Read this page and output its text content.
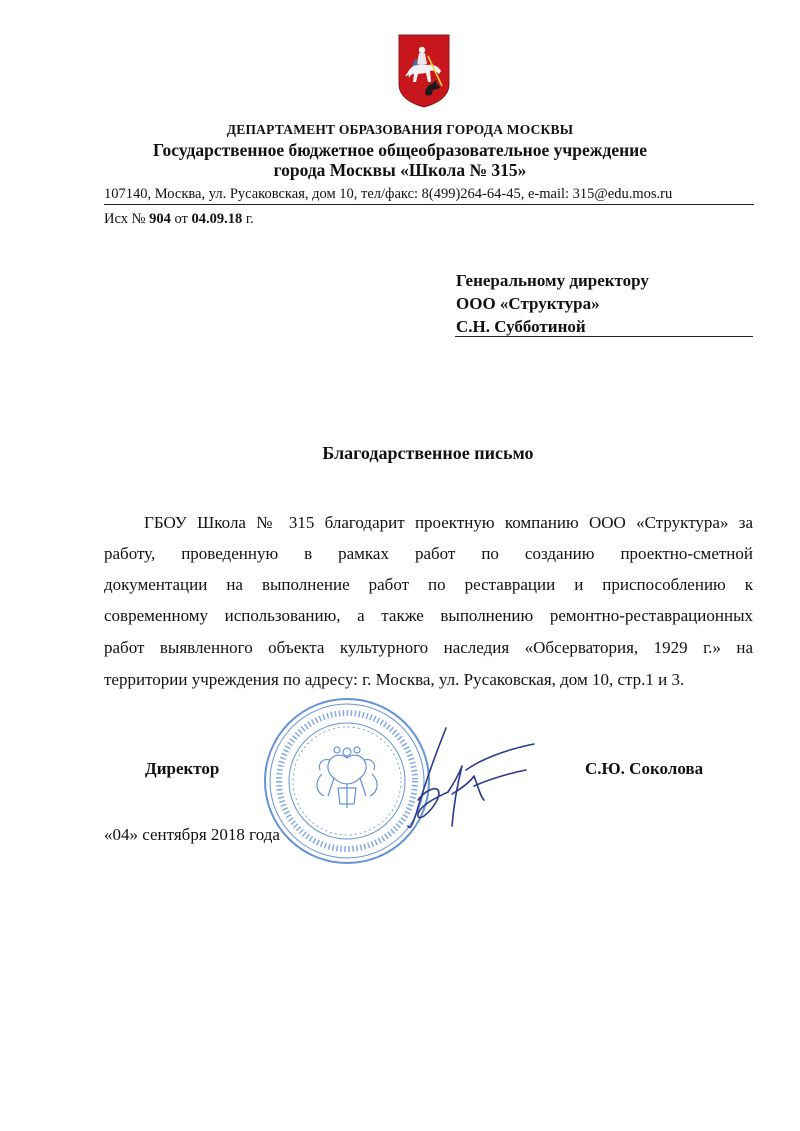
ДЕПАРТАМЕНТ ОБРАЗОВАНИЯ ГОРОДА МОСКВЫ
Государственное бюджетное общеобразовательное учреждение
города Москвы «Школа № 315»
107140, Москва, ул. Русаковская, дом 10, тел/факс: 8(499)264-64-45, e-mail: 315@edu.mos.ru
Исх № 904 от 04.09.18 г.
Генеральному директору
ООО «Структура»
С.Н. Субботиной
Благодарственное письмо
ГБОУ Школа № 315 благодарит проектную компанию ООО «Структура» за
работу, проведенную в рамках работ по созданию проектно-сметной
документации на выполнение работ по реставрации и приспособлению к
современному использованию, а также выполнению ремонтно-реставрационных
работ выявленного объекта культурного наследия «Обсерватория, 1929 г.» на
территории учреждения по адресу: г. Москва, ул. Русаковская, дом 10, стр.1 и 3.
Директор	С.Ю. Соколова
«04» сентября 2018 года
